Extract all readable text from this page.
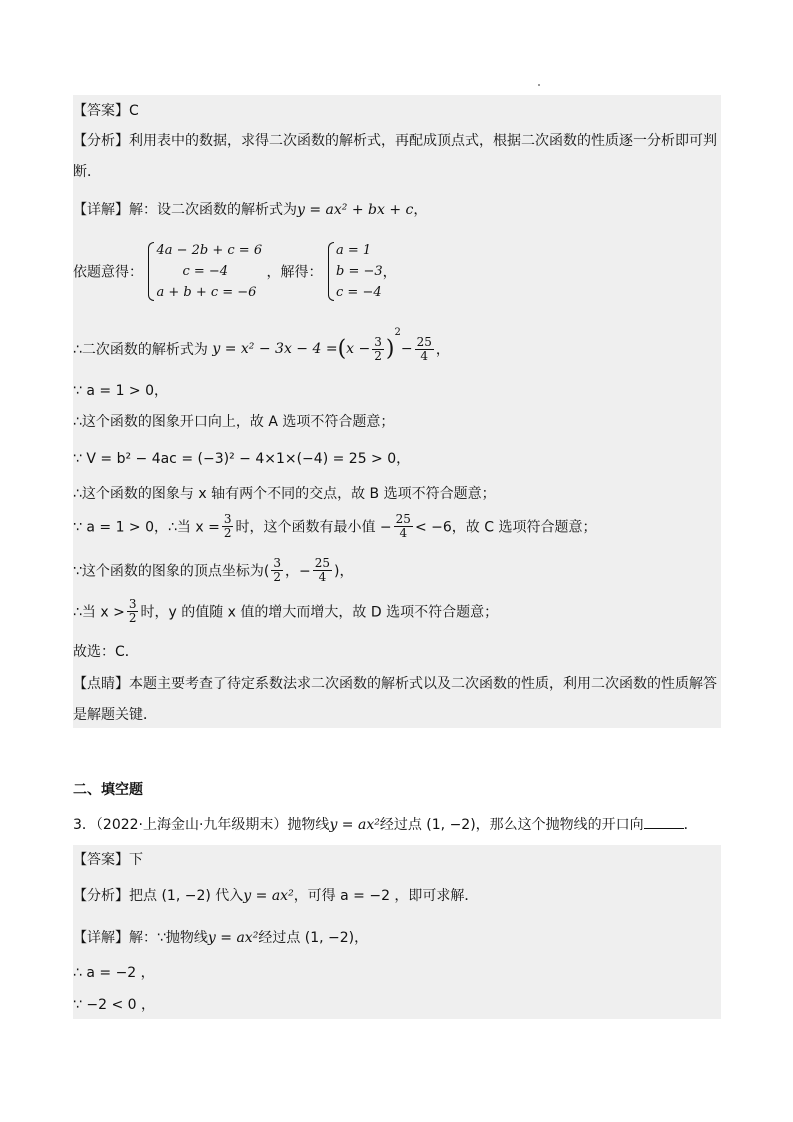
【答案】C
【分析】利用表中的数据，求得二次函数的解析式，再配成顶点式，根据二次函数的性质逐一分析即可判
断．
【详解】解：设二次函数的解析式为y = ax² + bx + c，
依题意得：
4a − 2b + c = 6
c = −4
a + b + c = −6
，解得：
a = 1
b = −3
c = −4
，
∴二次函数的解析式为 $y = x^2 - 3x - 4 =(x - \frac{3}{2} )^2- \frac{25}{4}$ ，
∵ a = 1 > 0，
∴这个函数的图象开口向上，故 A 选项不符合题意；
∵ V = b² − 4ac = (−3)² − 4×1×(−4) = 25 > 0，
∴这个函数的图象与 x 轴有两个不同的交点，故 B 选项不符合题意；
∵ a = 1 > 0，∴当 $x = \frac{3}{2}$ 时，这个函数有最小值 − $\frac{25}{4} < -6$，故 C 选项符合题意；
∵这个函数的图象的顶点坐标为( $\frac{3}{2}$ ，− $\frac{25}{4}$ )，
∴当 $x > \frac{3}{2}$ 时，y 的值随 x 值的增大而增大，故 D 选项不符合题意；
故选：C．
【点睛】本题主要考查了待定系数法求二次函数的解析式以及二次函数的性质，利用二次函数的性质解答
是解题关键．
二、填空题
3．（2022·上海金山·九年级期末）抛物线y = ax²经过点 (1, −2)，那么这个抛物线的开口向	．
【答案】下
【分析】把点 (1, −2) 代入y = ax²，可得 a = −2 ，即可求解．
【详解】解：∵抛物线y = ax²经过点 (1, −2)，
∴ a = −2 ，
∵ −2 < 0 ，
